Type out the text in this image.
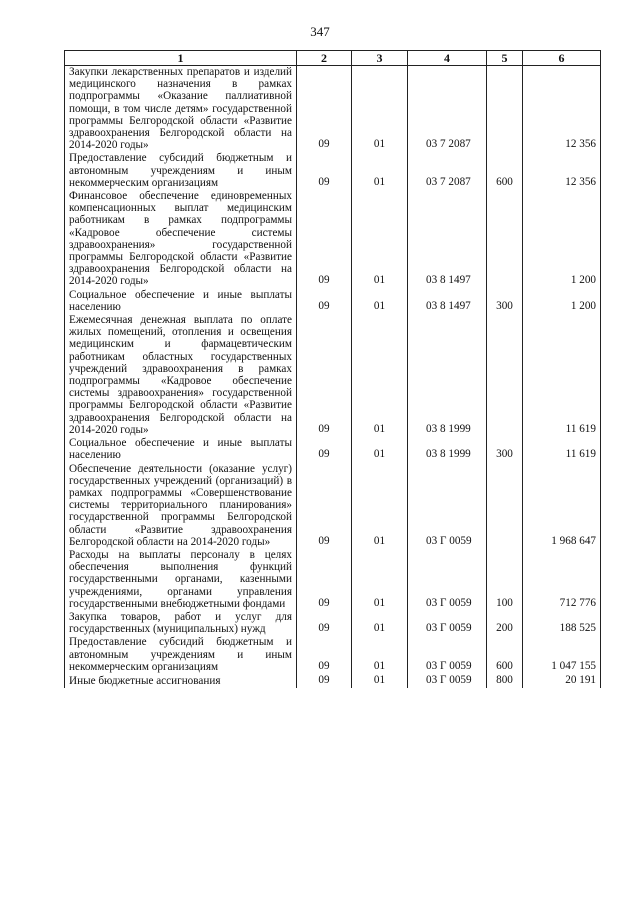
347
1	2	3	4	5	6
Закупки лекарственных препаратов и изделий медицинского назначения в рамках подпрограммы «Оказание паллиативной помощи, в том числе детям» государственной программы Белгородской области «Развитие здравоохранения Белгородской области на 2014-2020 годы»	09	01	03 7 2087		12 356
Предоставление субсидий бюджетным и автономным учреждениям и иным некоммерческим организациям	09	01	03 7 2087	600	12 356
Финансовое обеспечение единовременных компенсационных выплат медицинским работникам в рамках подпрограммы «Кадровое обеспечение системы здравоохранения» государственной программы Белгородской области «Развитие здравоохранения Белгородской области на 2014-2020 годы»	09	01	03 8 1497		1 200
Социальное обеспечение и иные выплаты населению	09	01	03 8 1497	300	1 200
Ежемесячная денежная выплата по оплате жилых помещений, отопления и освещения медицинским и фармацевтическим работникам областных государственных учреждений здравоохранения в рамках подпрограммы «Кадровое обеспечение системы здравоохранения» государственной программы Белгородской области «Развитие здравоохранения Белгородской области на 2014-2020 годы»	09	01	03 8 1999		11 619
Социальное обеспечение и иные выплаты населению	09	01	03 8 1999	300	11 619
Обеспечение деятельности (оказание услуг) государственных учреждений (организаций) в рамках подпрограммы «Совершенствование системы территориального планирования» государственной программы Белгородской области «Развитие здравоохранения Белгородской области на 2014-2020 годы»	09	01	03 Г 0059		1 968 647
Расходы на выплаты персоналу в целях обеспечения выполнения функций государственными органами, казенными учреждениями, органами управления государственными внебюджетными фондами	09	01	03 Г 0059	100	712 776
Закупка товаров, работ и услуг для государственных (муниципальных) нужд	09	01	03 Г 0059	200	188 525
Предоставление субсидий бюджетным и автономным учреждениям и иным некоммерческим организациям	09	01	03 Г 0059	600	1 047 155
Иные бюджетные ассигнования	09	01	03 Г 0059	800	20 191
